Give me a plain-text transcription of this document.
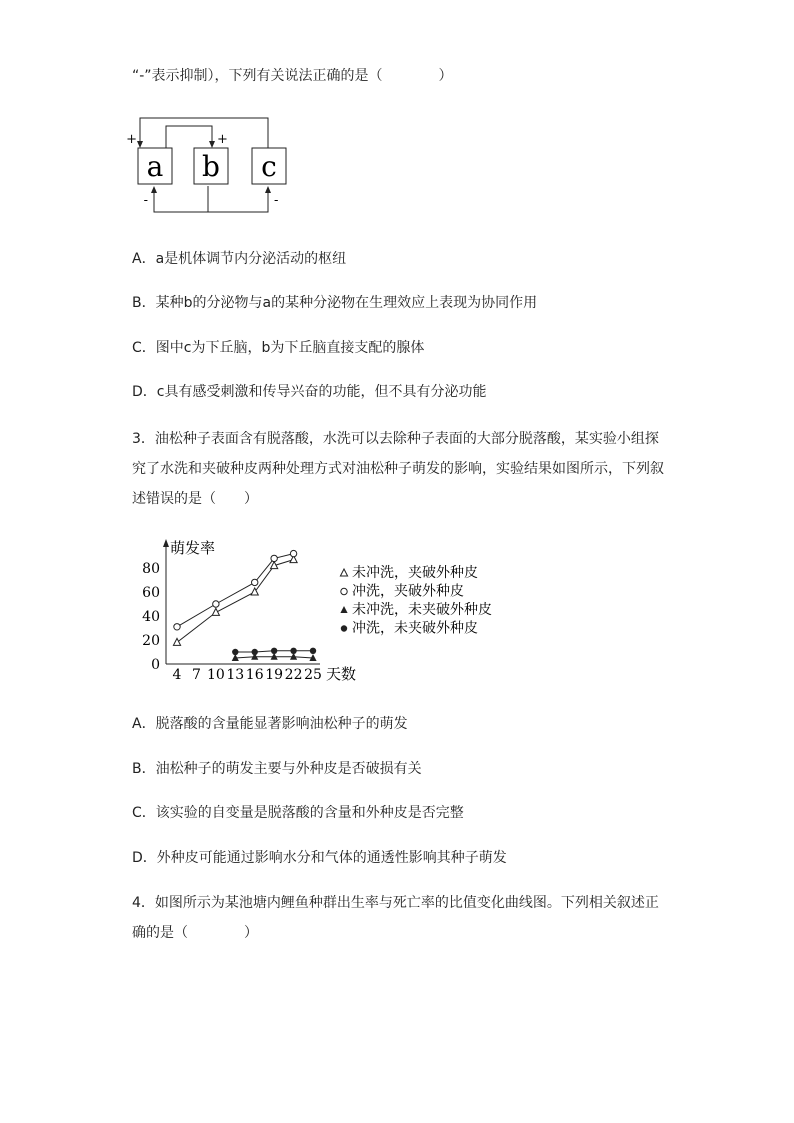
“-”表示抑制），下列有关说法正确的是（　　　　）
a b c
+	+
-	-
A．a是机体调节内分泌活动的枢纽
B．某种b的分泌物与a的某种分泌物在生理效应上表现为协同作用
C．图中c为下丘脑，b为下丘脑直接支配的腺体
D．c具有感受刺激和传导兴奋的功能，但不具有分泌功能
3．油松种子表面含有脱落酸，水洗可以去除种子表面的大部分脱落酸，某实验小组探究了水洗和夹破种皮两种处理方式对油松种子萌发的影响，实验结果如图所示，下列叙述错误的是（　　）
萌发率
天数
0
20
40
60
80
4 7 10 13 16 19 22 25
未冲洗，夹破外种皮
冲洗，夹破外种皮
未冲洗，未夹破外种皮
冲洗，未夹破外种皮
A．脱落酸的含量能显著影响油松种子的萌发
B．油松种子的萌发主要与外种皮是否破损有关
C．该实验的自变量是脱落酸的含量和外种皮是否完整
D．外种皮可能通过影响水分和气体的通透性影响其种子萌发
4．如图所示为某池塘内鲤鱼种群出生率与死亡率的比值变化曲线图。下列相关叙述正确的是（　　　　）
